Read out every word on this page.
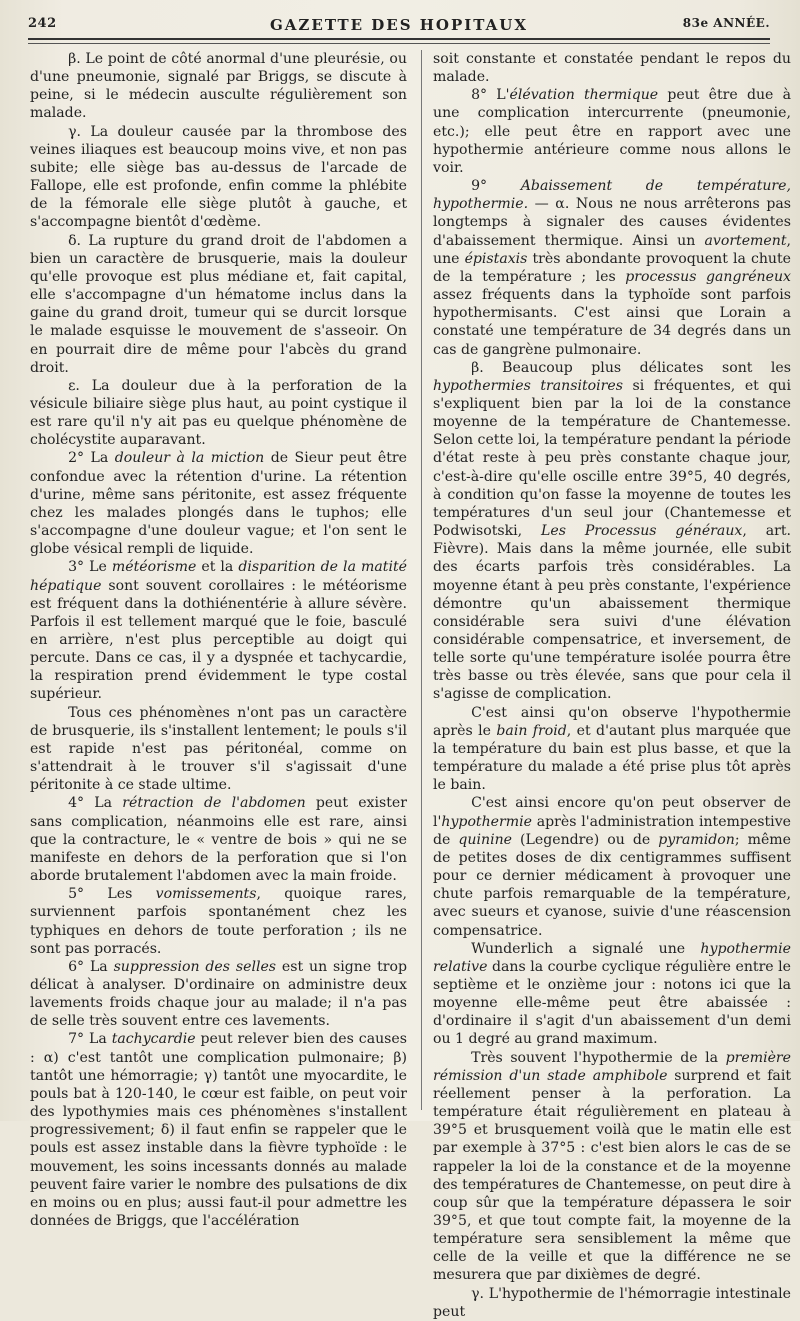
242	GAZETTE DES HOPITAUX	83e ANNÉE.

β. Le point de côté anormal d'une pleurésie, ou d'une pneumonie, signalé par Briggs, se discute à peine, si le médecin ausculte régulièrement son malade.

γ. La douleur causée par la thrombose des veines iliaques est beaucoup moins vive, et non pas subite; elle siège bas au-dessus de l'arcade de Fallope, elle est profonde, enfin comme la phlébite de la fémorale elle siège plutôt à gauche, et s'accompagne bientôt d'œdème.

δ. La rupture du grand droit de l'abdomen a bien un caractère de brusquerie, mais la douleur qu'elle provoque est plus médiane et, fait capital, elle s'accompagne d'un hématome inclus dans la gaine du grand droit, tumeur qui se durcit lorsque le malade esquisse le mouvement de s'asseoir. On en pourrait dire de même pour l'abcès du grand droit.

ε. La douleur due à la perforation de la vésicule biliaire siège plus haut, au point cystique il est rare qu'il n'y ait pas eu quelque phénomène de cholécystite auparavant.

2° La douleur à la miction de Sieur peut être confondue avec la rétention d'urine. La rétention d'urine, même sans péritonite, est assez fréquente chez les malades plongés dans le tuphos; elle s'accompagne d'une douleur vague; et l'on sent le globe vésical rempli de liquide.

3° Le météorisme et la disparition de la matité hépatique sont souvent corollaires : le météorisme est fréquent dans la dothiénentérie à allure sévère. Parfois il est tellement marqué que le foie, basculé en arrière, n'est plus perceptible au doigt qui percute. Dans ce cas, il y a dyspnée et tachycardie, la respiration prend évidemment le type costal supérieur.

Tous ces phénomènes n'ont pas un caractère de brusquerie, ils s'installent lentement; le pouls s'il est rapide n'est pas péritonéal, comme on s'attendrait à le trouver s'il s'agissait d'une péritonite à ce stade ultime.

4° La rétraction de l'abdomen peut exister sans complication, néanmoins elle est rare, ainsi que la contracture, le « ventre de bois » qui ne se manifeste en dehors de la perforation que si l'on aborde brutalement l'abdomen avec la main froide.

5° Les vomissements, quoique rares, surviennent parfois spontanément chez les typhiques en dehors de toute perforation ; ils ne sont pas porracés.

6° La suppression des selles est un signe trop délicat à analyser. D'ordinaire on administre deux lavements froids chaque jour au malade; il n'a pas de selle très souvent entre ces lavements.

7° La tachycardie peut relever bien des causes : α) c'est tantôt une complication pulmonaire; β) tantôt une hémorragie; γ) tantôt une myocardite, le pouls bat à 120-140, le cœur est faible, on peut voir des lypothymies mais ces phénomènes s'installent progressivement; δ) il faut enfin se rappeler que le pouls est assez instable dans la fièvre typhoïde : le mouvement, les soins incessants donnés au malade peuvent faire varier le nombre des pulsations de dix en moins ou en plus; aussi faut-il pour admettre les données de Briggs, que l'accélération

soit constante et constatée pendant le repos du malade.

8° L'élévation thermique peut être due à une complication intercurrente (pneumonie, etc.); elle peut être en rapport avec une hypothermie antérieure comme nous allons le voir.

9° Abaissement de température, hypothermie. — α. Nous ne nous arrêterons pas longtemps à signaler des causes évidentes d'abaissement thermique. Ainsi un avortement, une épistaxis très abondante provoquent la chute de la température ; les processus gangréneux assez fréquents dans la typhoïde sont parfois hypothermisants. C'est ainsi que Lorain a constaté une température de 34 degrés dans un cas de gangrène pulmonaire.

β. Beaucoup plus délicates sont les hypothermies transitoires si fréquentes, et qui s'expliquent bien par la loi de la constance moyenne de la température de Chantemesse. Selon cette loi, la température pendant la période d'état reste à peu près constante chaque jour, c'est-à-dire qu'elle oscille entre 39°5, 40 degrés, à condition qu'on fasse la moyenne de toutes les températures d'un seul jour (Chantemesse et Podwisotski, Les Processus généraux, art. Fièvre). Mais dans la même journée, elle subit des écarts parfois très considérables. La moyenne étant à peu près constante, l'expérience démontre qu'un abaissement thermique considérable sera suivi d'une élévation considérable compensatrice, et inversement, de telle sorte qu'une température isolée pourra être très basse ou très élevée, sans que pour cela il s'agisse de complication.

C'est ainsi qu'on observe l'hypothermie après le bain froid, et d'autant plus marquée que la température du bain est plus basse, et que la température du malade a été prise plus tôt après le bain.

C'est ainsi encore qu'on peut observer de l'hypothermie après l'administration intempestive de quinine (Legendre) ou de pyramidon; même de petites doses de dix centigrammes suffisent pour ce dernier médicament à provoquer une chute parfois remarquable de la température, avec sueurs et cyanose, suivie d'une réascension compensatrice.

Wunderlich a signalé une hypothermie relative dans la courbe cyclique régulière entre le septième et le onzième jour : notons ici que la moyenne elle-même peut être abaissée : d'ordinaire il s'agit d'un abaissement d'un demi ou 1 degré au grand maximum.

Très souvent l'hypothermie de la première rémission d'un stade amphibole surprend et fait réellement penser à la perforation. La température était régulièrement en plateau à 39°5 et brusquement voilà que le matin elle est par exemple à 37°5 : c'est bien alors le cas de se rappeler la loi de la constance et de la moyenne des températures de Chantemesse, on peut dire à coup sûr que la température dépassera le soir 39°5, et que tout compte fait, la moyenne de la température sera sensiblement la même que celle de la veille et que la différence ne se mesurera que par dixièmes de degré.

γ. L'hypothermie de l'hémorragie intestinale peut
